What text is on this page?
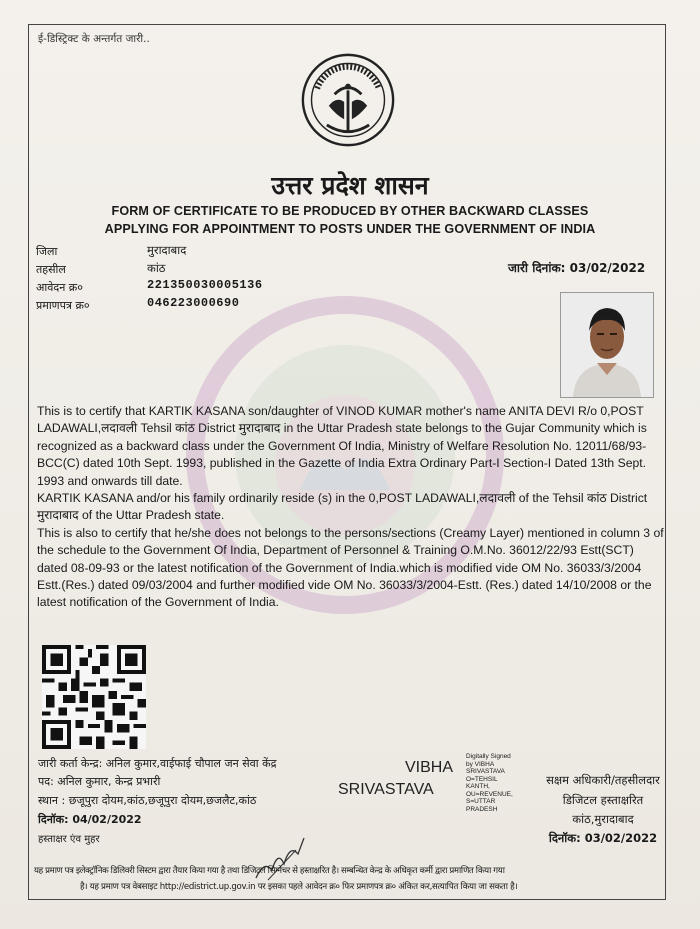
ई-डिस्ट्रिक्ट के अन्तर्गत जारी..
उत्तर प्रदेश शासन
FORM OF CERTIFICATE TO BE PRODUCED BY OTHER BACKWARD CLASSES
APPLYING FOR APPOINTMENT TO POSTS UNDER THE GOVERNMENT OF INDIA
जिला	मुरादाबाद
तहसील	कांठ
आवेदन क्र०	221350030005136
प्रमाणपत्र क्र०	046223000690
जारी दिनांक: 03/02/2022

This is to certify that KARTIK KASANA son/daughter of VINOD KUMAR mother's name ANITA DEVI R/o 0,POST LADAWALI,लदावली Tehsil कांठ District मुरादाबाद in the Uttar Pradesh state belongs to the Gujar Community which is recognized as a backward class under the Government Of India, Ministry of Welfare Resolution No. 12011/68/93-BCC(C) dated 10th Sept. 1993, published in the Gazette of India Extra Ordinary Part-I Section-I Dated 13th Sept. 1993 and onwards till date.

KARTIK KASANA and/or his family ordinarily reside (s) in the 0,POST LADAWALI,लदावली of the Tehsil कांठ District मुरादाबाद of the Uttar Pradesh state.

This is also to certify that he/she does not belongs to the persons/sections (Creamy Layer) mentioned in column 3 of the schedule to the Government Of India, Department of Personnel & Training O.M.No. 36012/22/93 Estt(SCT) dated 08-09-93 or the latest notification of the Government of India.which is modified vide OM No. 36033/3/2004 Estt.(Res.) dated 09/03/2004 and further modified vide OM No. 36033/3/2004-Estt. (Res.) dated 14/10/2008 or the latest notification of the Government of India.

जारी कर्ता केन्द्र: अनिल कुमार,वाईफाई चौपाल जन सेवा केंद्र
पद: अनिल कुमार, केन्द्र प्रभारी
स्थान : छजूपुरा दोयम,कांठ,छजूपुरा दोयम,छजलैट,कांठ
दिनॉक: 04/02/2022
हस्ताक्षर एंव मुहर
VIBHA
SRIVASTAVA
Digitally Signed
by VIBHA
SRIVASTAVA
O=TEHSIL
KANTH,
OU=REVENUE,
S=UTTAR
PRADESH
सक्षम अधिकारी/तहसीलदार
डिजिटल हस्ताक्षरित
कांठ,मुरादाबाद
दिनॉक: 03/02/2022
यह प्रमाण पत्र इलेक्ट्रॉनिक डिलिवरी सिस्टम द्वारा तैयार किया गया है तथा डिजिटल सिग्नेचर से हस्ताक्षरित है। सम्बन्धित केन्द्र के अधिकृत कर्मी द्वारा प्रमाणित किया गया
है। यह प्रमाण पत्र वेबसाइट http://edistrict.up.gov.in पर इसका पहले आवेदन क्र० फिर प्रमाणपत्र क्र० अंकित कर,सत्यापित किया जा सकता है।
